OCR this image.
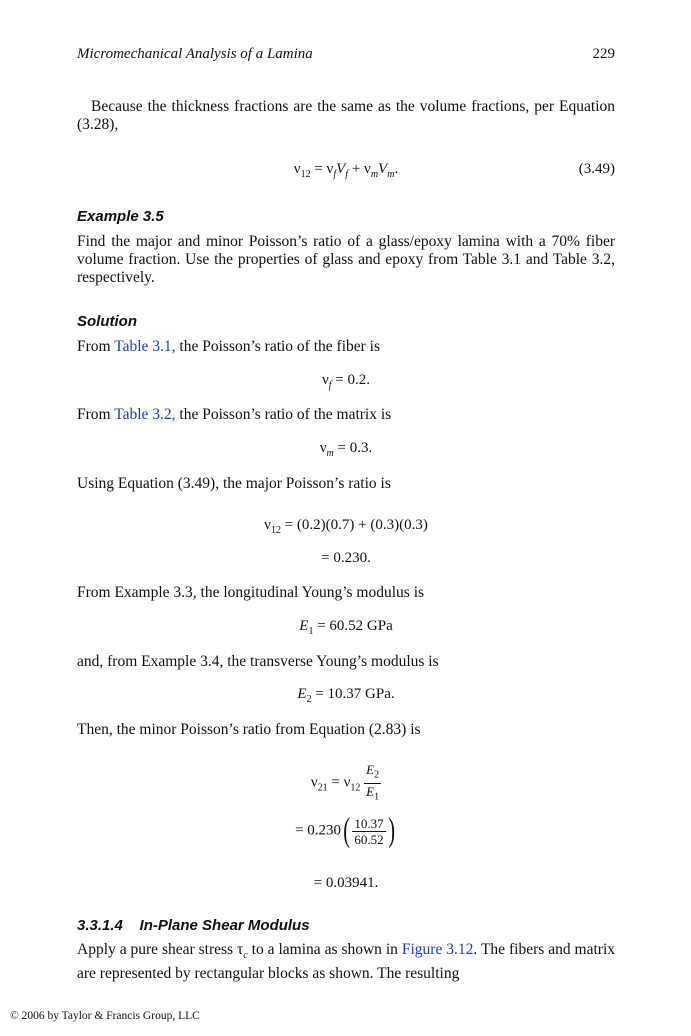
Micromechanical Analysis of a Lamina	229
Because the thickness fractions are the same as the volume fractions, per Equation (3.28),
$\nu_{12} = \nu_fV_f + \nu_mV_m$.	(3.49)
Example 3.5
Find the major and minor Poisson’s ratio of a glass/epoxy lamina with a 70% fiber volume fraction. Use the properties of glass and epoxy from Table 3.1 and Table 3.2, respectively.
Solution
From Table 3.1, the Poisson’s ratio of the fiber is
$\nu_f = 0.2$.
From Table 3.2, the Poisson’s ratio of the matrix is
$\nu_m = 0.3$.
Using Equation (3.49), the major Poisson’s ratio is
$\nu_{12} = (0.2)(0.7) + (0.3)(0.3)$
= 0.230.
From Example 3.3, the longitudinal Young’s modulus is
$E_1 = 60.52$ GPa
and, from Example 3.4, the transverse Young’s modulus is
$E_2 = 10.37$ GPa.
Then, the minor Poisson’s ratio from Equation (2.83) is
$\nu_{21} = \nu_{12} \frac{E_2}{E_1}$
= $0.230( \frac{10.37}{60.52}$ )
= 0.03941.
3.3.1.4    In-Plane Shear Modulus
Apply a pure shear stress $\tau_c$ to a lamina as shown in Figure 3.12. The fibers and matrix are represented by rectangular blocks as shown. The resulting
© 2006 by Taylor & Francis Group, LLC
